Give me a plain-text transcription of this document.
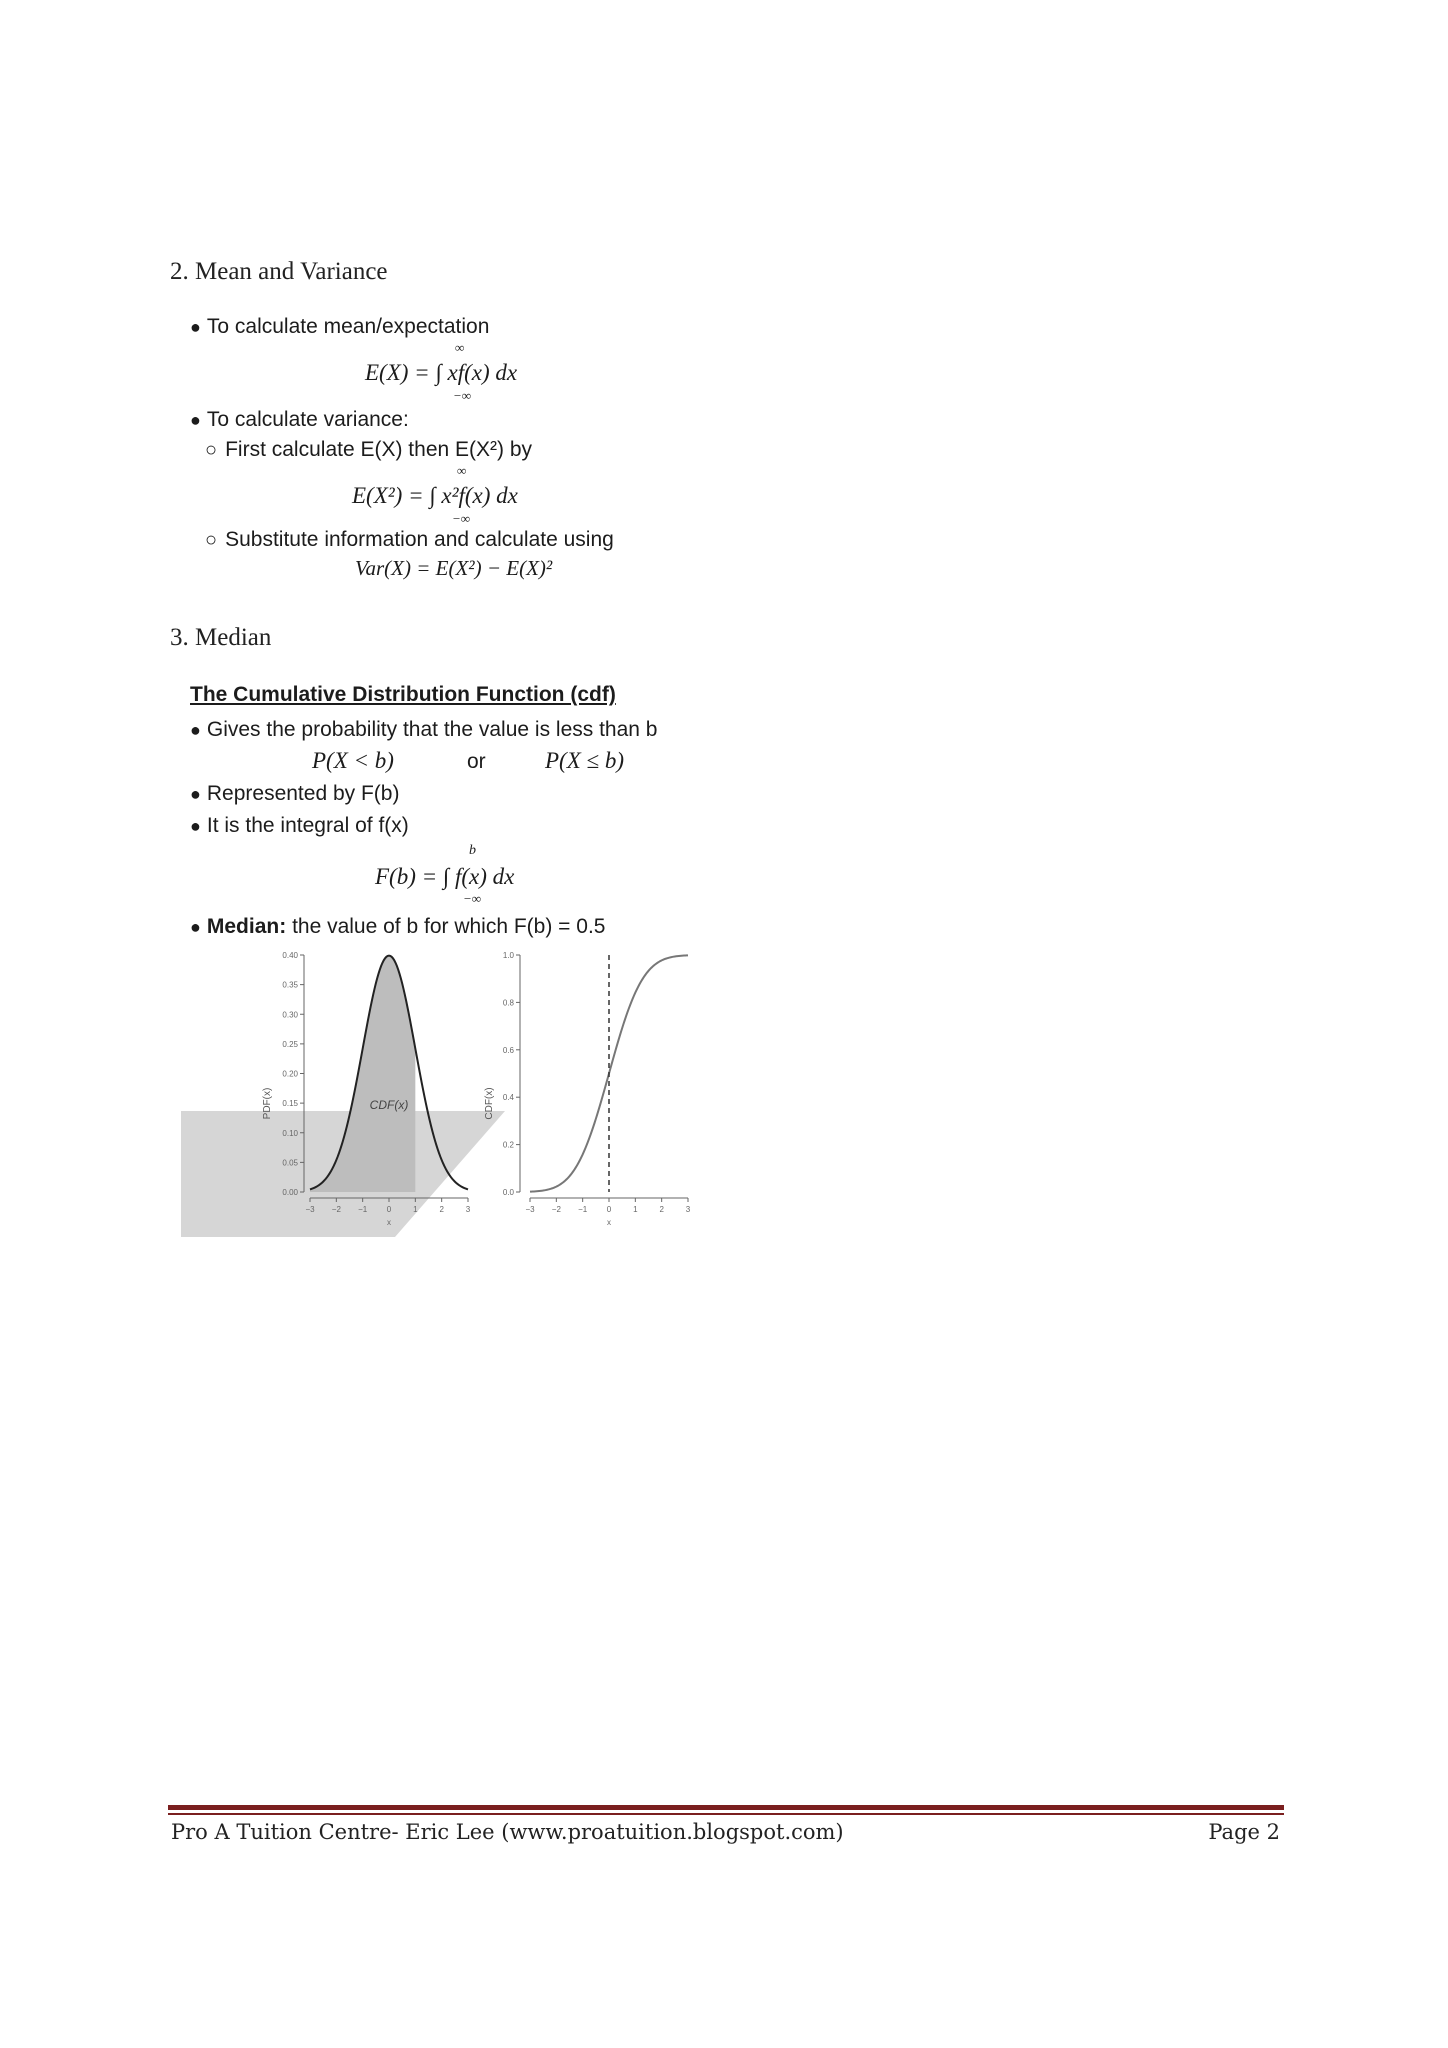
2. Mean and Variance
● To calculate mean/expectation
E(X) = ∫ xf(x) dx
∞
−∞
● To calculate variance:
○ First calculate E(X) then E(X²) by
E(X²) = ∫ x²f(x) dx
∞
−∞
○ Substitute information and calculate using
Var(X) = E(X²) − E(X)²
3. Median
The Cumulative Distribution Function (cdf)
● Gives the probability that the value is less than b
P(X < b)	or	P(X ≤ b)
● Represented by F(b)
● It is the integral of f(x)
F(b) = ∫ f(x) dx
b
−∞
● Median: the value of b for which F(b) = 0.5
0.40
0.35
0.30
0.25
0.20
0.15
0.10
0.05
0.00
−3 −2 −1 0	1	2	3
x
PDF(x)	CDF(x)
1.0
0.8
0.6
0.4
0.2
0.0
−3 −2 −1 0	1	2	3
x
CDF(x)
Pro A Tuition Centre- Eric Lee (www.proatuition.blogspot.com)	Page 2
